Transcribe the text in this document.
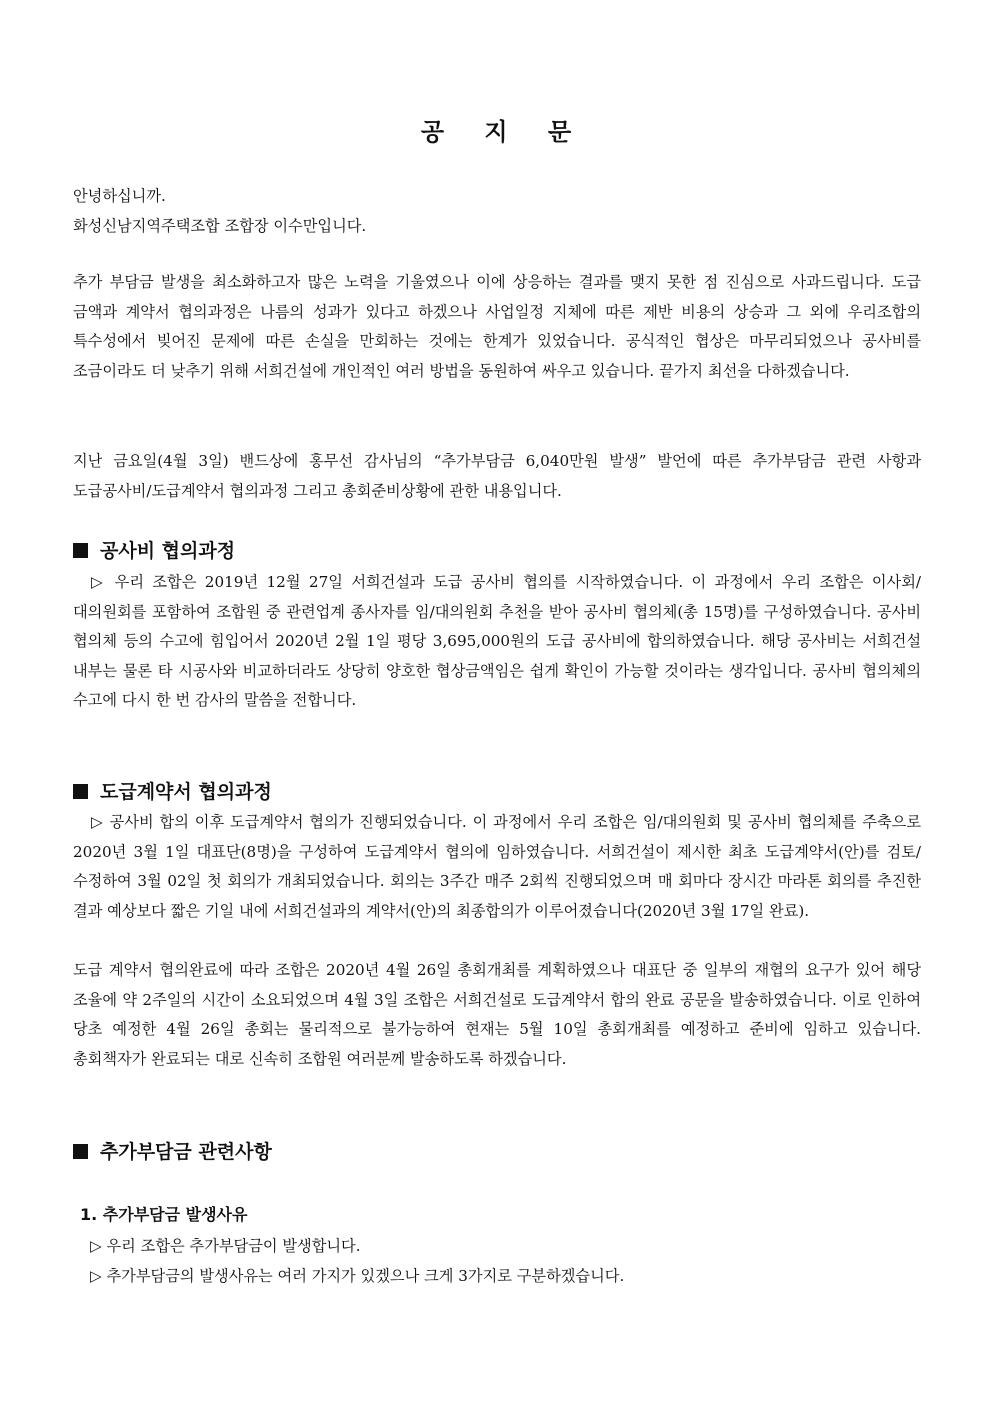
공 지 문
안녕하십니까.
화성신남지역주택조합 조합장 이수만입니다.

추가 부담금 발생을 최소화하고자 많은 노력을 기울였으나 이에 상응하는 결과를 맺지 못한 점 진심으로 사과드립니다. 도급 금액과 계약서 협의과정은 나름의 성과가 있다고 하겠으나 사업일정 지체에 따른 제반 비용의 상승과 그 외에 우리조합의 특수성에서 빚어진 문제에 따른 손실을 만회하는 것에는 한계가 있었습니다. 공식적인 협상은 마무리되었으나 공사비를 조금이라도 더 낮추기 위해 서희건설에 개인적인 여러 방법을 동원하여 싸우고 있습니다. 끝가지 최선을 다하겠습니다.

지난 금요일(4월 3일) 밴드상에 홍무선 감사님의 “추가부담금 6,040만원 발생” 발언에 따른 추가부담금 관련 사항과 도급공사비/도급계약서 협의과정 그리고 총회준비상황에 관한 내용입니다.

공사비 협의과정

▷ 우리 조합은 2019년 12월 27일 서희건설과 도급 공사비 협의를 시작하였습니다. 이 과정에서 우리 조합은 이사회/대의원회를 포함하여 조합원 중 관련업계 종사자를 임/대의원회 추천을 받아 공사비 협의체(총 15명)를 구성하였습니다. 공사비 협의체 등의 수고에 힘입어서 2020년 2월 1일 평당 3,695,000원의 도급 공사비에 합의하였습니다. 해당 공사비는 서희건설 내부는 물론 타 시공사와 비교하더라도 상당히 양호한 협상금액임은 쉽게 확인이 가능할 것이라는 생각입니다. 공사비 협의체의 수고에 다시 한 번 감사의 말씀을 전합니다.

도급계약서 협의과정

▷ 공사비 합의 이후 도급계약서 협의가 진행되었습니다. 이 과정에서 우리 조합은 임/대의원회 및 공사비 협의체를 주축으로 2020년 3월 1일 대표단(8명)을 구성하여 도급계약서 협의에 임하였습니다. 서희건설이 제시한 최초 도급계약서(안)를 검토/수정하여 3월 02일 첫 회의가 개최되었습니다. 회의는 3주간 매주 2회씩 진행되었으며 매 회마다 장시간 마라톤 회의를 추진한 결과 예상보다 짧은 기일 내에 서희건설과의 계약서(안)의 최종합의가 이루어졌습니다(2020년 3월 17일 완료).

도급 계약서 협의완료에 따라 조합은 2020년 4월 26일 총회개최를 계획하였으나 대표단 중 일부의 재협의 요구가 있어 해당 조율에 약 2주일의 시간이 소요되었으며 4월 3일 조합은 서희건설로 도급계약서 합의 완료 공문을 발송하였습니다. 이로 인하여 당초 예정한 4월 26일 총회는 물리적으로 불가능하여 현재는 5월 10일 총회개최를 예정하고 준비에 임하고 있습니다. 총회책자가 완료되는 대로 신속히 조합원 여러분께 발송하도록 하겠습니다.

추가부담금 관련사항
1. 추가부담금 발생사유
▷ 우리 조합은 추가부담금이 발생합니다.
▷ 추가부담금의 발생사유는 여러 가지가 있겠으나 크게 3가지로 구분하겠습니다.
